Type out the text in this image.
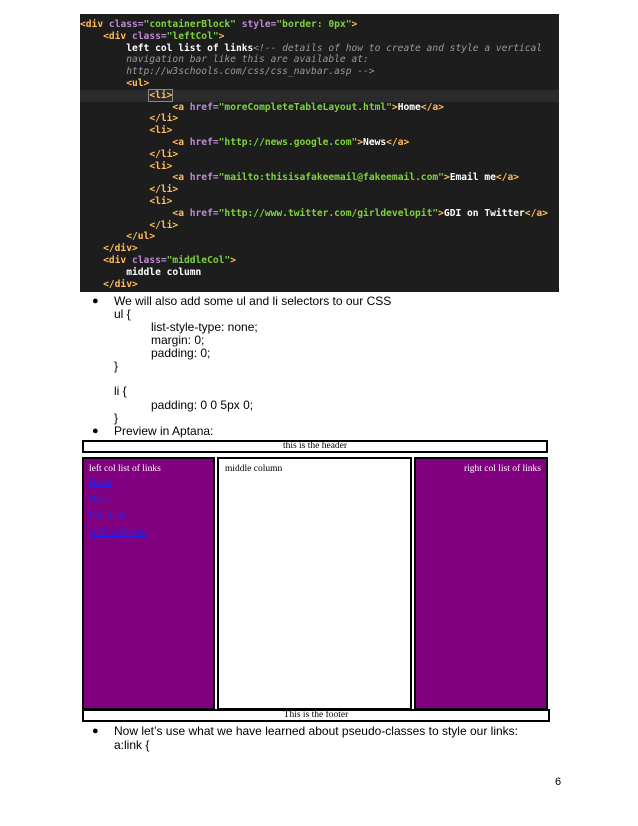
<div class="containerBlock" style="border: 0px">
<div class="leftCol">
left col list of links<!-- details of how to create and style a vertical
navigation bar like this are available at:
http://w3schools.com/css/css_navbar.asp -->
<ul>
<li>
<a href="moreCompleteTableLayout.html">Home</a>
</li>
<li>
<a href="http://news.google.com">News</a>
</li>
<li>
<a href="mailto:thisisafakeemail@fakeemail.com">Email me</a>
</li>
<li>
<a href="http://www.twitter.com/girldevelopit">GDI on Twitter</a>
</li>
</ul>
</div>
<div class="middleCol">
middle column
</div>
● We will also add some ul and li selectors to our CSS
ul {
list-style-type: none;
margin: 0;
padding: 0;
}
li {
padding: 0 0 5px 0;
}
● Preview in Aptana:
this is the header
left col list of links
Home
News
Email me
GDI on Twitter
middle column	right col list of links
This is the footer
● Now let’s use what we have learned about pseudo-classes to style our links:
a:link {
6
